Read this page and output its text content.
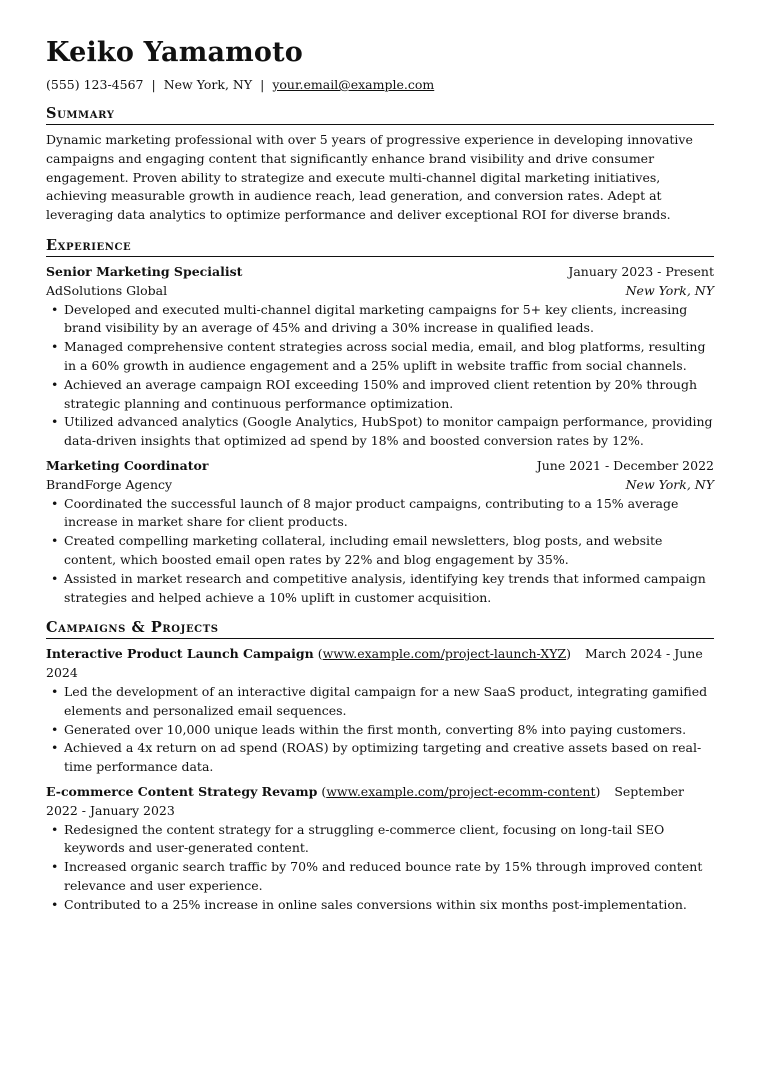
Keiko Yamamoto
(555) 123-4567 | New York, NY | your.email@example.com
Summary

Dynamic marketing professional with over 5 years of progressive experience in developing innovative campaigns and engaging content that significantly enhance brand visibility and drive consumer engagement. Proven ability to strategize and execute multi-channel digital marketing initiatives, achieving measurable growth in audience reach, lead generation, and conversion rates. Adept at leveraging data analytics to optimize performance and deliver exceptional ROI for diverse brands.

Experience
Senior Marketing Specialist	January 2023 - Present
AdSolutions Global	New York, NY
• Developed and executed multi-channel digital marketing campaigns for 5+ key clients, increasing brand visibility by an average of 45% and driving a 30% increase in qualified leads.
• Managed comprehensive content strategies across social media, email, and blog platforms, resulting in a 60% growth in audience engagement and a 25% uplift in website traffic from social channels.
• Achieved an average campaign ROI exceeding 150% and improved client retention by 20% through strategic planning and continuous performance optimization.
• Utilized advanced analytics (Google Analytics, HubSpot) to monitor campaign performance, providing data-driven insights that optimized ad spend by 18% and boosted conversion rates by 12%.
Marketing Coordinator	June 2021 - December 2022
BrandForge Agency	New York, NY
• Coordinated the successful launch of 8 major product campaigns, contributing to a 15% average increase in market share for client products.
• Created compelling marketing collateral, including email newsletters, blog posts, and website content, which boosted email open rates by 22% and blog engagement by 35%.
• Assisted in market research and competitive analysis, identifying key trends that informed campaign strategies and helped achieve a 10% uplift in customer acquisition.
Campaigns & Projects
Interactive Product Launch Campaign (www.example.com/project-launch-XYZ) March 2024 - June 2024
• Led the development of an interactive digital campaign for a new SaaS product, integrating gamified elements and personalized email sequences.
• Generated over 10,000 unique leads within the first month, converting 8% into paying customers.
• Achieved a 4x return on ad spend (ROAS) by optimizing targeting and creative assets based on real-time performance data.
E-commerce Content Strategy Revamp (www.example.com/project-ecomm-content) September 2022 - January 2023
• Redesigned the content strategy for a struggling e-commerce client, focusing on long-tail SEO keywords and user-generated content.
• Increased organic search traffic by 70% and reduced bounce rate by 15% through improved content relevance and user experience.
• Contributed to a 25% increase in online sales conversions within six months post-implementation.
